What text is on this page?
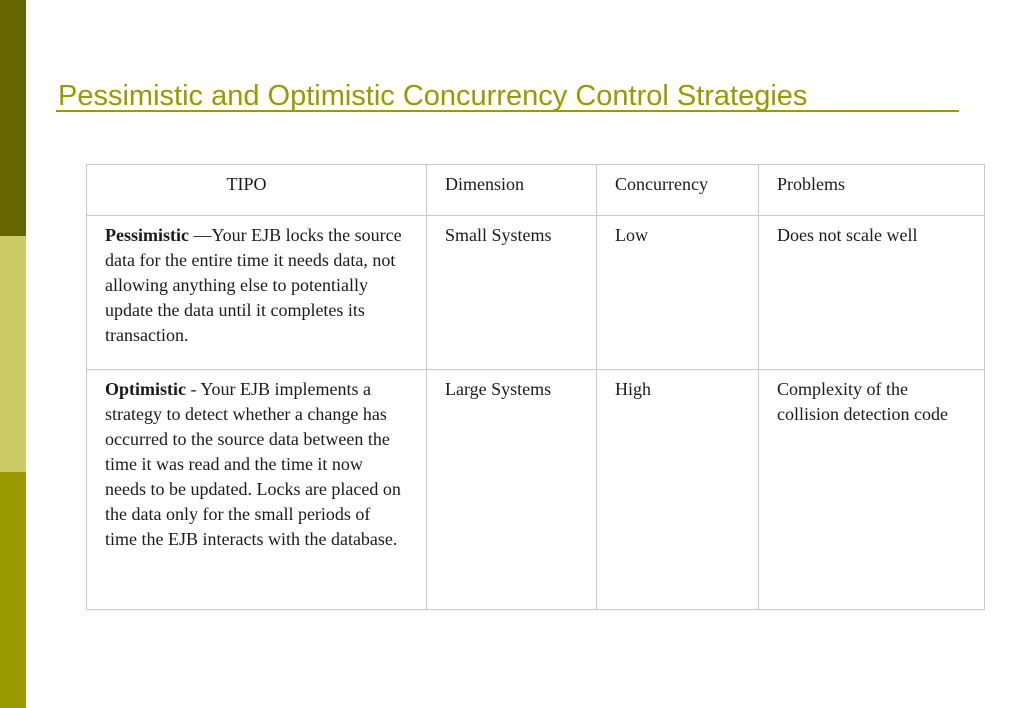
Pessimistic and Optimistic Concurrency Control Strategies
TIPO	Dimension	Concurrency	Problems
Pessimistic —Your EJB locks the source data for the entire time it needs data, not allowing anything else to potentially update the data until it completes its transaction.	Small Systems	Low	Does not scale well
Optimistic - Your EJB implements a strategy to detect whether a change has occurred to the source data between the time it was read and the time it now needs to be updated. Locks are placed on the data only for the small periods of time the EJB interacts with the database.	Large Systems	High	Complexity of the collision detection code
